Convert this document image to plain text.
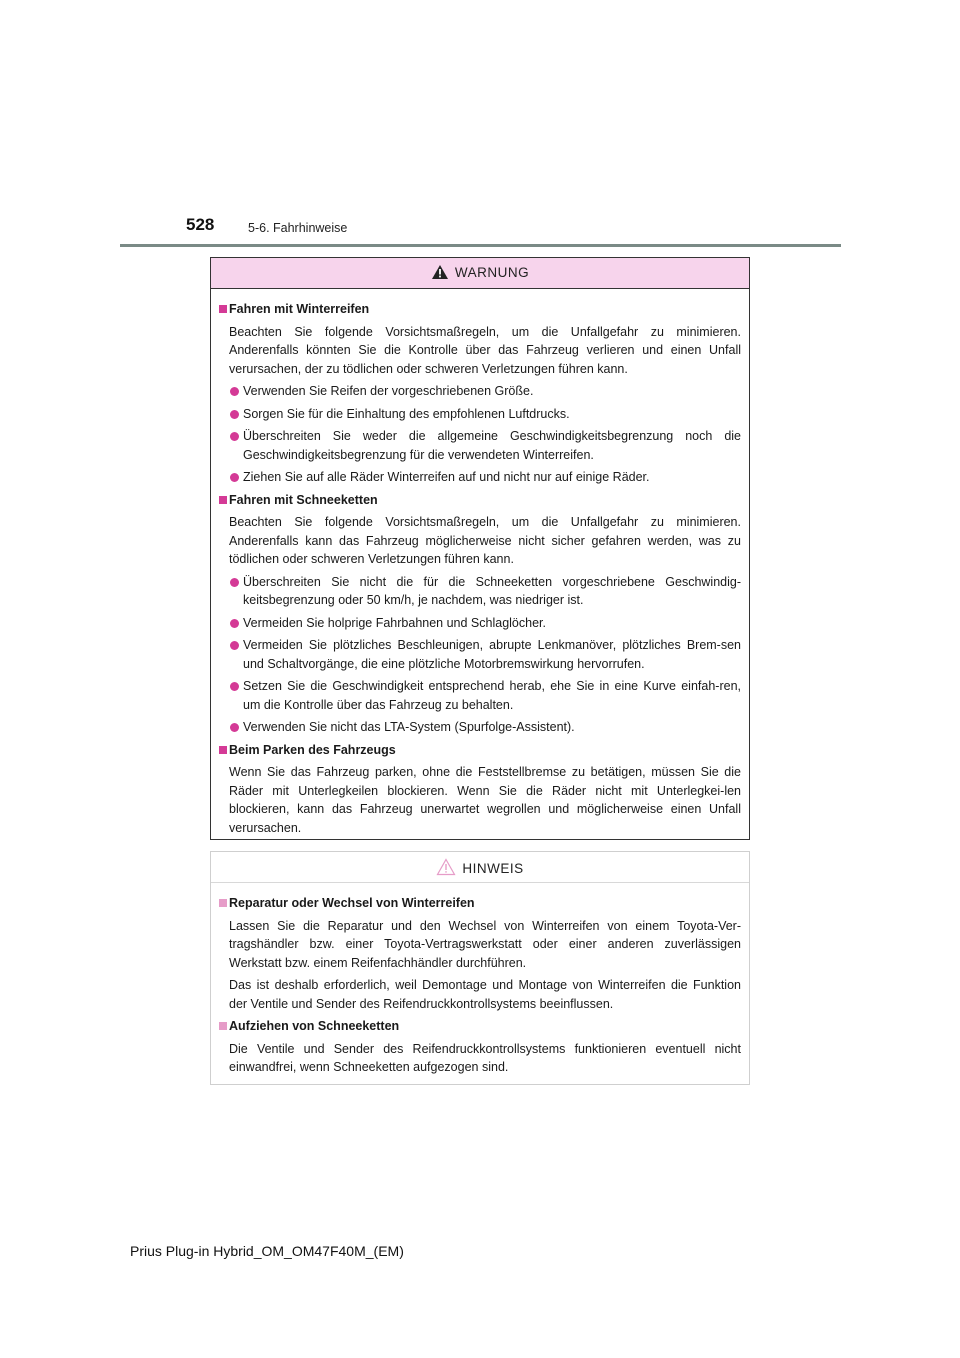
528	5-6. Fahrhinweise
WARNUNG
Fahren mit Winterreifen
Beachten Sie folgende Vorsichtsmaßregeln, um die Unfallgefahr zu minimieren. Anderenfalls könnten Sie die Kontrolle über das Fahrzeug verlieren und einen Unfall verursachen, der zu tödlichen oder schweren Verletzungen führen kann.
Verwenden Sie Reifen der vorgeschriebenen Größe.
Sorgen Sie für die Einhaltung des empfohlenen Luftdrucks.
Überschreiten Sie weder die allgemeine Geschwindigkeitsbegrenzung noch die Geschwindigkeitsbegrenzung für die verwendeten Winterreifen.
Ziehen Sie auf alle Räder Winterreifen auf und nicht nur auf einige Räder.
Fahren mit Schneeketten
Beachten Sie folgende Vorsichtsmaßregeln, um die Unfallgefahr zu minimieren. Anderenfalls kann das Fahrzeug möglicherweise nicht sicher gefahren werden, was zu tödlichen oder schweren Verletzungen führen kann.
Überschreiten Sie nicht die für die Schneeketten vorgeschriebene Geschwindig-keitsbegrenzung oder 50 km/h, je nachdem, was niedriger ist.
Vermeiden Sie holprige Fahrbahnen und Schlaglöcher.
Vermeiden Sie plötzliches Beschleunigen, abrupte Lenkmanöver, plötzliches Brem-sen und Schaltvorgänge, die eine plötzliche Motorbremswirkung hervorrufen.
Setzen Sie die Geschwindigkeit entsprechend herab, ehe Sie in eine Kurve einfah-ren, um die Kontrolle über das Fahrzeug zu behalten.
Verwenden Sie nicht das LTA-System (Spurfolge-Assistent).
Beim Parken des Fahrzeugs
Wenn Sie das Fahrzeug parken, ohne die Feststellbremse zu betätigen, müssen Sie die Räder mit Unterlegkeilen blockieren. Wenn Sie die Räder nicht mit Unterlegkei-len blockieren, kann das Fahrzeug unerwartet wegrollen und möglicherweise einen Unfall verursachen.
HINWEIS
Reparatur oder Wechsel von Winterreifen
Lassen Sie die Reparatur und den Wechsel von Winterreifen von einem Toyota-Ver-tragshändler bzw. einer Toyota-Vertragswerkstatt oder einer anderen zuverlässigen Werkstatt bzw. einem Reifenfachhändler durchführen.
Das ist deshalb erforderlich, weil Demontage und Montage von Winterreifen die Funktion der Ventile und Sender des Reifendruckkontrollsystems beeinflussen.
Aufziehen von Schneeketten
Die Ventile und Sender des Reifendruckkontrollsystems funktionieren eventuell nicht einwandfrei, wenn Schneeketten aufgezogen sind.
Prius Plug-in Hybrid_OM_OM47F40M_(EM)
